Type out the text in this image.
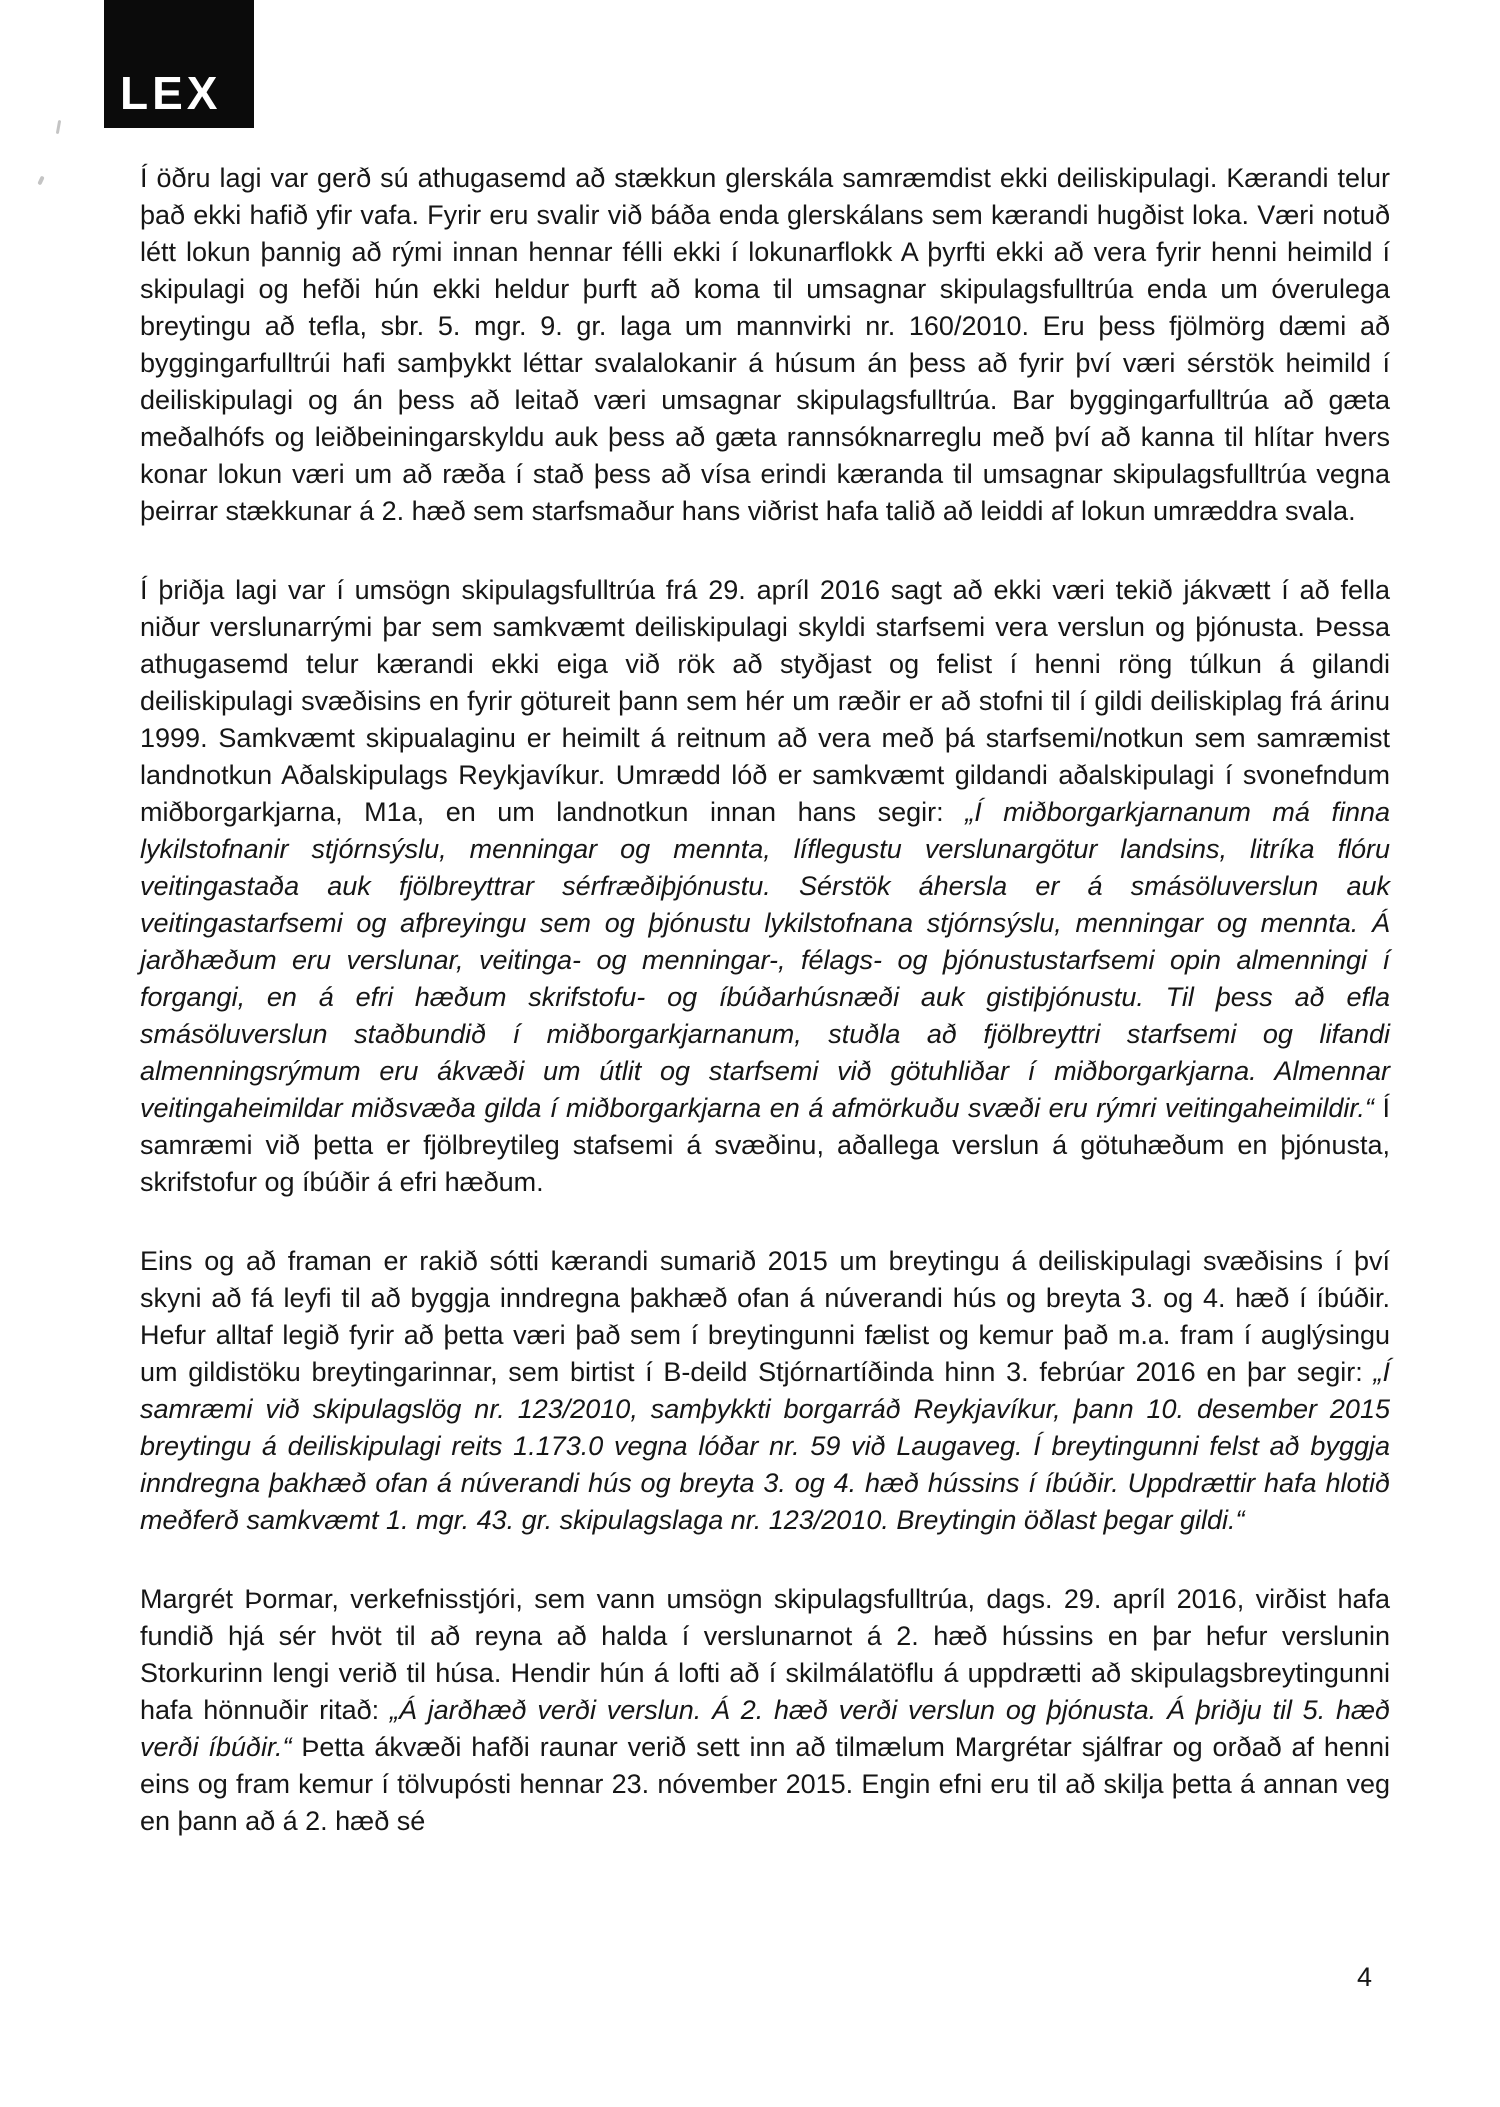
LEX

Í öðru lagi var gerð sú athugasemd að stækkun glerskála samræmdist ekki deiliskipulagi. Kærandi telur það ekki hafið yfir vafa. Fyrir eru svalir við báða enda glerskálans sem kærandi hugðist loka. Væri notuð létt lokun þannig að rými innan hennar félli ekki í lokunarflokk A þyrfti ekki að vera fyrir henni heimild í skipulagi og hefði hún ekki heldur þurft að koma til umsagnar skipulagsfulltrúa enda um óverulega breytingu að tefla, sbr. 5. mgr. 9. gr. laga um mannvirki nr. 160/2010. Eru þess fjölmörg dæmi að byggingarfulltrúi hafi samþykkt léttar svalalokanir á húsum án þess að fyrir því væri sérstök heimild í deiliskipulagi og án þess að leitað væri umsagnar skipulagsfulltrúa. Bar byggingarfulltrúa að gæta meðalhófs og leiðbeiningarskyldu auk þess að gæta rannsóknarreglu með því að kanna til hlítar hvers konar lokun væri um að ræða í stað þess að vísa erindi kæranda til umsagnar skipulagsfulltrúa vegna þeirrar stækkunar á 2. hæð sem starfsmaður hans viðrist hafa talið að leiddi af lokun umræddra svala.

Í þriðja lagi var í umsögn skipulagsfulltrúa frá 29. apríl 2016 sagt að ekki væri tekið jákvætt í að fella niður verslunarrými þar sem samkvæmt deiliskipulagi skyldi starfsemi vera verslun og þjónusta. Þessa athugasemd telur kærandi ekki eiga við rök að styðjast og felist í henni röng túlkun á gilandi deiliskipulagi svæðisins en fyrir götureit þann sem hér um ræðir er að stofni til í gildi deiliskiplag frá árinu 1999. Samkvæmt skipualaginu er heimilt á reitnum að vera með þá starfsemi/notkun sem samræmist landnotkun Aðalskipulags Reykjavíkur. Umrædd lóð er samkvæmt gildandi aðalskipulagi í svonefndum miðborgarkjarna, M1a, en um landnotkun innan hans segir: „Í miðborgarkjarnanum má finna lykilstofnanir stjórnsýslu, menningar og mennta, líflegustu verslunargötur landsins, litríka flóru veitingastaða auk fjölbreyttrar sérfræðiþjónustu. Sérstök áhersla er á smásöluverslun auk veitingastarfsemi og afþreyingu sem og þjónustu lykilstofnana stjórnsýslu, menningar og mennta. Á jarðhæðum eru verslunar, veitinga- og menningar-, félags- og þjónustustarfsemi opin almenningi í forgangi, en á efri hæðum skrifstofu- og íbúðarhúsnæði auk gistiþjónustu. Til þess að efla smásöluverslun staðbundið í miðborgarkjarnanum, stuðla að fjölbreyttri starfsemi og lifandi almenningsrýmum eru ákvæði um útlit og starfsemi við götuhliðar í miðborgarkjarna. Almennar veitingaheimildar miðsvæða gilda í miðborgarkjarna en á afmörkuðu svæði eru rýmri veitingaheimildir.“ Í samræmi við þetta er fjölbreytileg stafsemi á svæðinu, aðallega verslun á götuhæðum en þjónusta, skrifstofur og íbúðir á efri hæðum.

Eins og að framan er rakið sótti kærandi sumarið 2015 um breytingu á deiliskipulagi svæðisins í því skyni að fá leyfi til að byggja inndregna þakhæð ofan á núverandi hús og breyta 3. og 4. hæð í íbúðir. Hefur alltaf legið fyrir að þetta væri það sem í breytingunni fælist og kemur það m.a. fram í auglýsingu um gildistöku breytingarinnar, sem birtist í B-deild Stjórnartíðinda hinn 3. febrúar 2016 en þar segir: „Í samræmi við skipulagslög nr. 123/2010, samþykkti borgarráð Reykjavíkur, þann 10. desember 2015 breytingu á deiliskipulagi reits 1.173.0 vegna lóðar nr. 59 við Laugaveg. Í breytingunni felst að byggja inndregna þakhæð ofan á núverandi hús og breyta 3. og 4. hæð hússins í íbúðir. Uppdrættir hafa hlotið meðferð samkvæmt 1. mgr. 43. gr. skipulagslaga nr. 123/2010. Breytingin öðlast þegar gildi.“

Margrét Þormar, verkefnisstjóri, sem vann umsögn skipulagsfulltrúa, dags. 29. apríl 2016, virðist hafa fundið hjá sér hvöt til að reyna að halda í verslunarnot á 2. hæð hússins en þar hefur verslunin Storkurinn lengi verið til húsa. Hendir hún á lofti að í skilmálatöflu á uppdrætti að skipulagsbreytingunni hafa hönnuðir ritað: „Á jarðhæð verði verslun. Á 2. hæð verði verslun og þjónusta. Á þriðju til 5. hæð verði íbúðir.“ Þetta ákvæði hafði raunar verið sett inn að tilmælum Margrétar sjálfrar og orðað af henni eins og fram kemur í tölvupósti hennar 23. nóvember 2015. Engin efni eru til að skilja þetta á annan veg en þann að á 2. hæð sé

4
